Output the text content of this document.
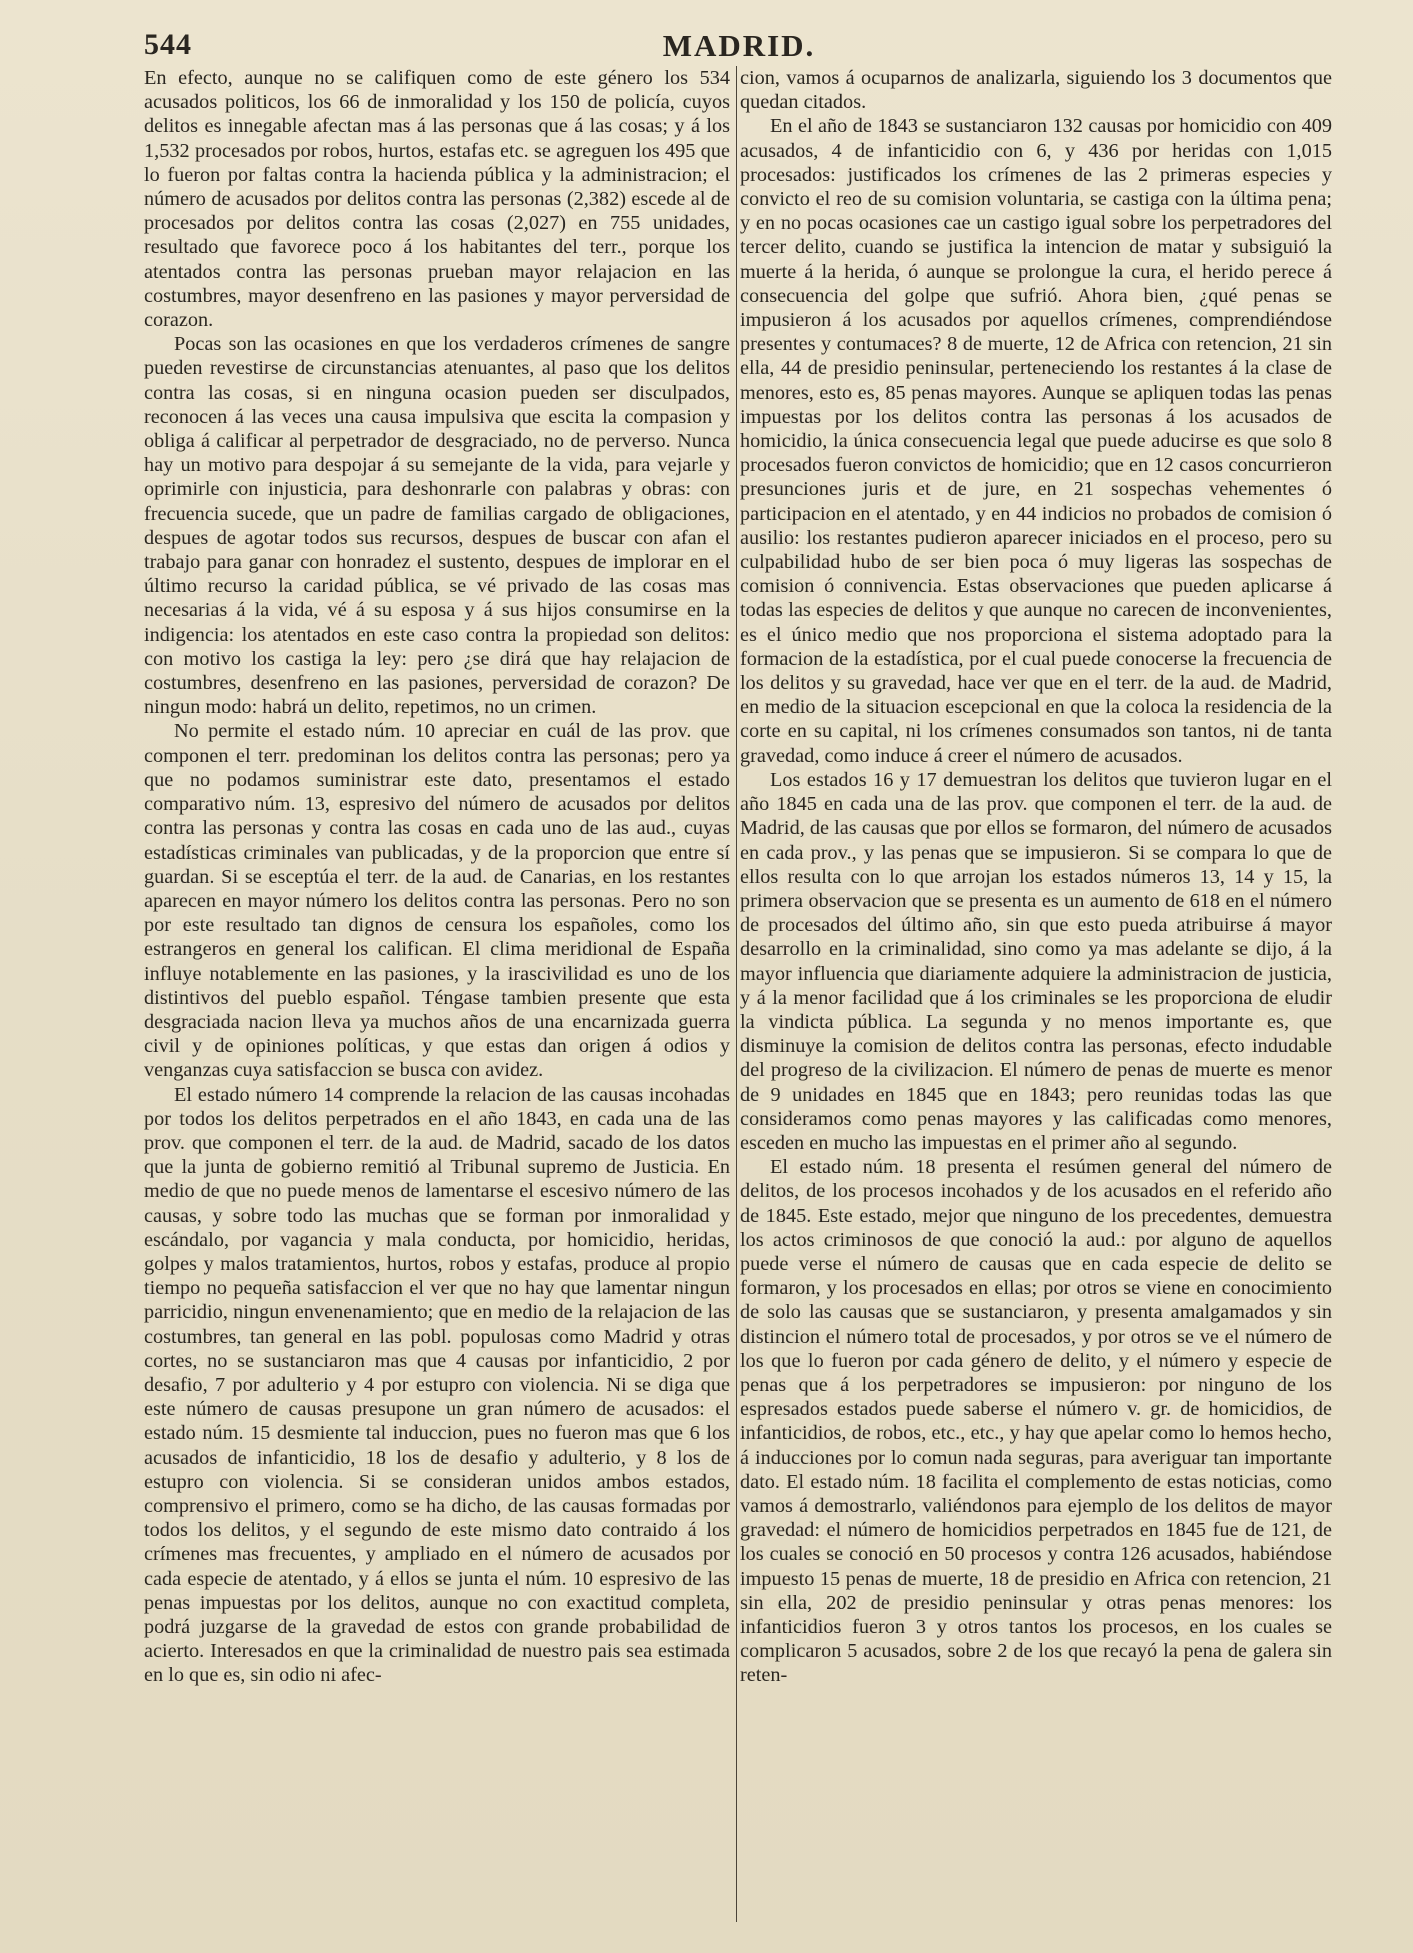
544	MADRID.

En efecto, aunque no se califiquen como de este género los 534 acusados politicos, los 66 de inmoralidad y los 150 de policía, cuyos delitos es innegable afectan mas á las personas que á las cosas; y á los 1,532 procesados por robos, hurtos, estafas etc. se agreguen los 495 que lo fueron por faltas contra la hacienda pública y la administracion; el número de acusados por delitos contra las personas (2,382) escede al de procesados por delitos contra las cosas (2,027) en 755 unidades, resultado que favorece poco á los habitantes del terr., porque los atentados contra las personas prueban mayor relajacion en las costumbres, mayor desenfreno en las pasiones y mayor perversidad de corazon.

Pocas son las ocasiones en que los verdaderos crímenes de sangre pueden revestirse de circunstancias atenuantes, al paso que los delitos contra las cosas, si en ninguna ocasion pueden ser disculpados, reconocen á las veces una causa impulsiva que escita la compasion y obliga á calificar al perpetrador de desgraciado, no de perverso. Nunca hay un motivo para despojar á su semejante de la vida, para vejarle y oprimirle con injusticia, para deshonrarle con palabras y obras: con frecuencia sucede, que un padre de familias cargado de obligaciones, despues de agotar todos sus recursos, despues de buscar con afan el trabajo para ganar con honradez el sustento, despues de implorar en el último recurso la caridad pública, se vé privado de las cosas mas necesarias á la vida, vé á su esposa y á sus hijos consumirse en la indigencia: los atentados en este caso contra la propiedad son delitos: con motivo los castiga la ley: pero ¿se dirá que hay relajacion de costumbres, desenfreno en las pasiones, perversidad de corazon? De ningun modo: habrá un delito, repetimos, no un crimen.

No permite el estado núm. 10 apreciar en cuál de las prov. que componen el terr. predominan los delitos contra las personas; pero ya que no podamos suministrar este dato, presentamos el estado comparativo núm. 13, espresivo del número de acusados por delitos contra las personas y contra las cosas en cada uno de las aud., cuyas estadísticas criminales van publicadas, y de la proporcion que entre sí guardan. Si se esceptúa el terr. de la aud. de Canarias, en los restantes aparecen en mayor número los delitos contra las personas. Pero no son por este resultado tan dignos de censura los españoles, como los estrangeros en general los califican. El clima meridional de España influye notablemente en las pasiones, y la irascivilidad es uno de los distintivos del pueblo español. Téngase tambien presente que esta desgraciada nacion lleva ya muchos años de una encarnizada guerra civil y de opiniones políticas, y que estas dan origen á odios y venganzas cuya satisfaccion se busca con avidez.

El estado número 14 comprende la relacion de las causas incohadas por todos los delitos perpetrados en el año 1843, en cada una de las prov. que componen el terr. de la aud. de Madrid, sacado de los datos que la junta de gobierno remitió al Tribunal supremo de Justicia. En medio de que no puede menos de lamentarse el escesivo número de las causas, y sobre todo las muchas que se forman por inmoralidad y escándalo, por vagancia y mala conducta, por homicidio, heridas, golpes y malos tratamientos, hurtos, robos y estafas, produce al propio tiempo no pequeña satisfaccion el ver que no hay que lamentar ningun parricidio, ningun envenenamiento; que en medio de la relajacion de las costumbres, tan general en las pobl. populosas como Madrid y otras cortes, no se sustanciaron mas que 4 causas por infanticidio, 2 por desafio, 7 por adulterio y 4 por estupro con violencia. Ni se diga que este número de causas presupone un gran número de acusados: el estado núm. 15 desmiente tal induccion, pues no fueron mas que 6 los acusados de infanticidio, 18 los de desafio y adulterio, y 8 los de estupro con violencia. Si se consideran unidos ambos estados, comprensivo el primero, como se ha dicho, de las causas formadas por todos los delitos, y el segundo de este mismo dato contraido á los crímenes mas frecuentes, y ampliado en el número de acusados por cada especie de atentado, y á ellos se junta el núm. 10 espresivo de las penas impuestas por los delitos, aunque no con exactitud completa, podrá juzgarse de la gravedad de estos con grande probabilidad de acierto. Interesados en que la criminalidad de nuestro pais sea estimada en lo que es, sin odio ni afec-

cion, vamos á ocuparnos de analizarla, siguiendo los 3 documentos que quedan citados.

En el año de 1843 se sustanciaron 132 causas por homicidio con 409 acusados, 4 de infanticidio con 6, y 436 por heridas con 1,015 procesados: justificados los crímenes de las 2 primeras especies y convicto el reo de su comision voluntaria, se castiga con la última pena; y en no pocas ocasiones cae un castigo igual sobre los perpetradores del tercer delito, cuando se justifica la intencion de matar y subsiguió la muerte á la herida, ó aunque se prolongue la cura, el herido perece á consecuencia del golpe que sufrió. Ahora bien, ¿qué penas se impusieron á los acusados por aquellos crímenes, comprendiéndose presentes y contumaces? 8 de muerte, 12 de Africa con retencion, 21 sin ella, 44 de presidio peninsular, perteneciendo los restantes á la clase de menores, esto es, 85 penas mayores. Aunque se apliquen todas las penas impuestas por los delitos contra las personas á los acusados de homicidio, la única consecuencia legal que puede aducirse es que solo 8 procesados fueron convictos de homicidio; que en 12 casos concurrieron presunciones juris et de jure, en 21 sospechas vehementes ó participacion en el atentado, y en 44 indicios no probados de comision ó ausilio: los restantes pudieron aparecer iniciados en el proceso, pero su culpabilidad hubo de ser bien poca ó muy ligeras las sospechas de comision ó connivencia. Estas observaciones que pueden aplicarse á todas las especies de delitos y que aunque no carecen de inconvenientes, es el único medio que nos proporciona el sistema adoptado para la formacion de la estadística, por el cual puede conocerse la frecuencia de los delitos y su gravedad, hace ver que en el terr. de la aud. de Madrid, en medio de la situacion escepcional en que la coloca la residencia de la corte en su capital, ni los crímenes consumados son tantos, ni de tanta gravedad, como induce á creer el número de acusados.

Los estados 16 y 17 demuestran los delitos que tuvieron lugar en el año 1845 en cada una de las prov. que componen el terr. de la aud. de Madrid, de las causas que por ellos se formaron, del número de acusados en cada prov., y las penas que se impusieron. Si se compara lo que de ellos resulta con lo que arrojan los estados números 13, 14 y 15, la primera observacion que se presenta es un aumento de 618 en el número de procesados del último año, sin que esto pueda atribuirse á mayor desarrollo en la criminalidad, sino como ya mas adelante se dijo, á la mayor influencia que diariamente adquiere la administracion de justicia, y á la menor facilidad que á los criminales se les proporciona de eludir la vindicta pública. La segunda y no menos importante es, que disminuye la comision de delitos contra las personas, efecto indudable del progreso de la civilizacion. El número de penas de muerte es menor de 9 unidades en 1845 que en 1843; pero reunidas todas las que consideramos como penas mayores y las calificadas como menores, esceden en mucho las impuestas en el primer año al segundo.

El estado núm. 18 presenta el resúmen general del número de delitos, de los procesos incohados y de los acusados en el referido año de 1845. Este estado, mejor que ninguno de los precedentes, demuestra los actos criminosos de que conoció la aud.: por alguno de aquellos puede verse el número de causas que en cada especie de delito se formaron, y los procesados en ellas; por otros se viene en conocimiento de solo las causas que se sustanciaron, y presenta amalgamados y sin distincion el número total de procesados, y por otros se ve el número de los que lo fueron por cada género de delito, y el número y especie de penas que á los perpetradores se impusieron: por ninguno de los espresados estados puede saberse el número v. gr. de homicidios, de infanticidios, de robos, etc., etc., y hay que apelar como lo hemos hecho, á inducciones por lo comun nada seguras, para averiguar tan importante dato. El estado núm. 18 facilita el complemento de estas noticias, como vamos á demostrarlo, valiéndonos para ejemplo de los delitos de mayor gravedad: el número de homicidios perpetrados en 1845 fue de 121, de los cuales se conoció en 50 procesos y contra 126 acusados, habiéndose impuesto 15 penas de muerte, 18 de presidio en Africa con retencion, 21 sin ella, 202 de presidio peninsular y otras penas menores: los infanticidios fueron 3 y otros tantos los procesos, en los cuales se complicaron 5 acusados, sobre 2 de los que recayó la pena de galera sin reten-
